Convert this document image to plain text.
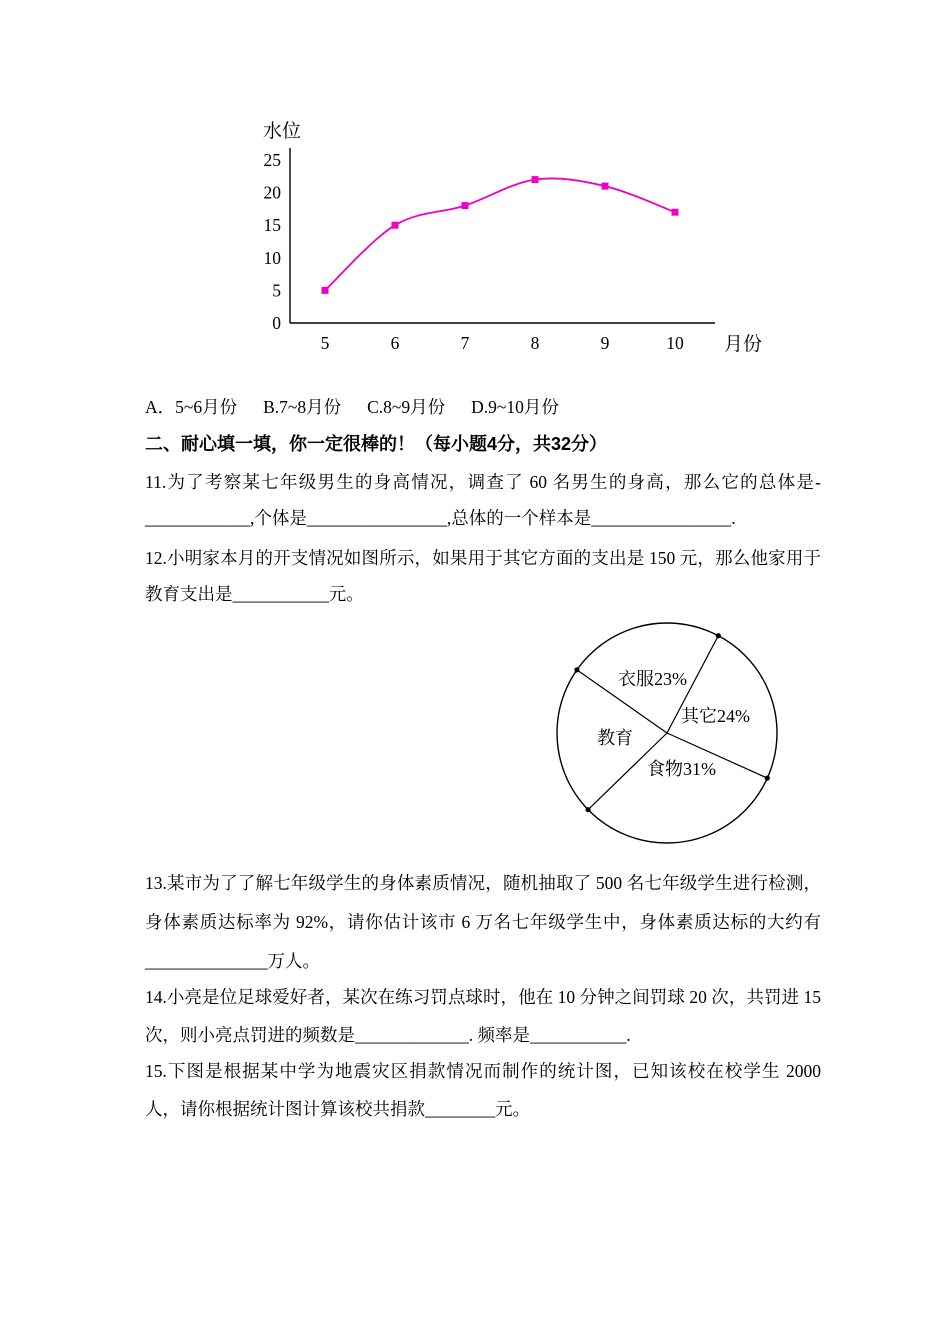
水位
0
5
10
15
20
25
5	6	7	8	9	10 月份
A．5~6月份 B.7~8月份 C.8~9月份 D.9~10月份
二、耐心填一填，你一定很棒的！（每小题4分，共32分）

11.为了考察某七年级男生的身高情况，调查了 60 名男生的身高，那么它的总体是-____________,个体是________________,总体的一个样本是________________.

12.小明家本月的开支情况如图所示，如果用于其它方面的支出是 150 元，那么他家用于教育支出是___________元。

衣服23%
其它24%
食物31%
教育

13.某市为了了解七年级学生的身体素质情况，随机抽取了 500 名七年级学生进行检测，身体素质达标率为 92%，请你估计该市 6 万名七年级学生中，身体素质达标的大约有______________万人。

14.小亮是位足球爱好者，某次在练习罚点球时，他在 10 分钟之间罚球 20 次，共罚进 15 次，则小亮点罚进的频数是_____________. 频率是___________.

15.下图是根据某中学为地震灾区捐款情况而制作的统计图，已知该校在校学生 2000 人，请你根据统计图计算该校共捐款________元。
